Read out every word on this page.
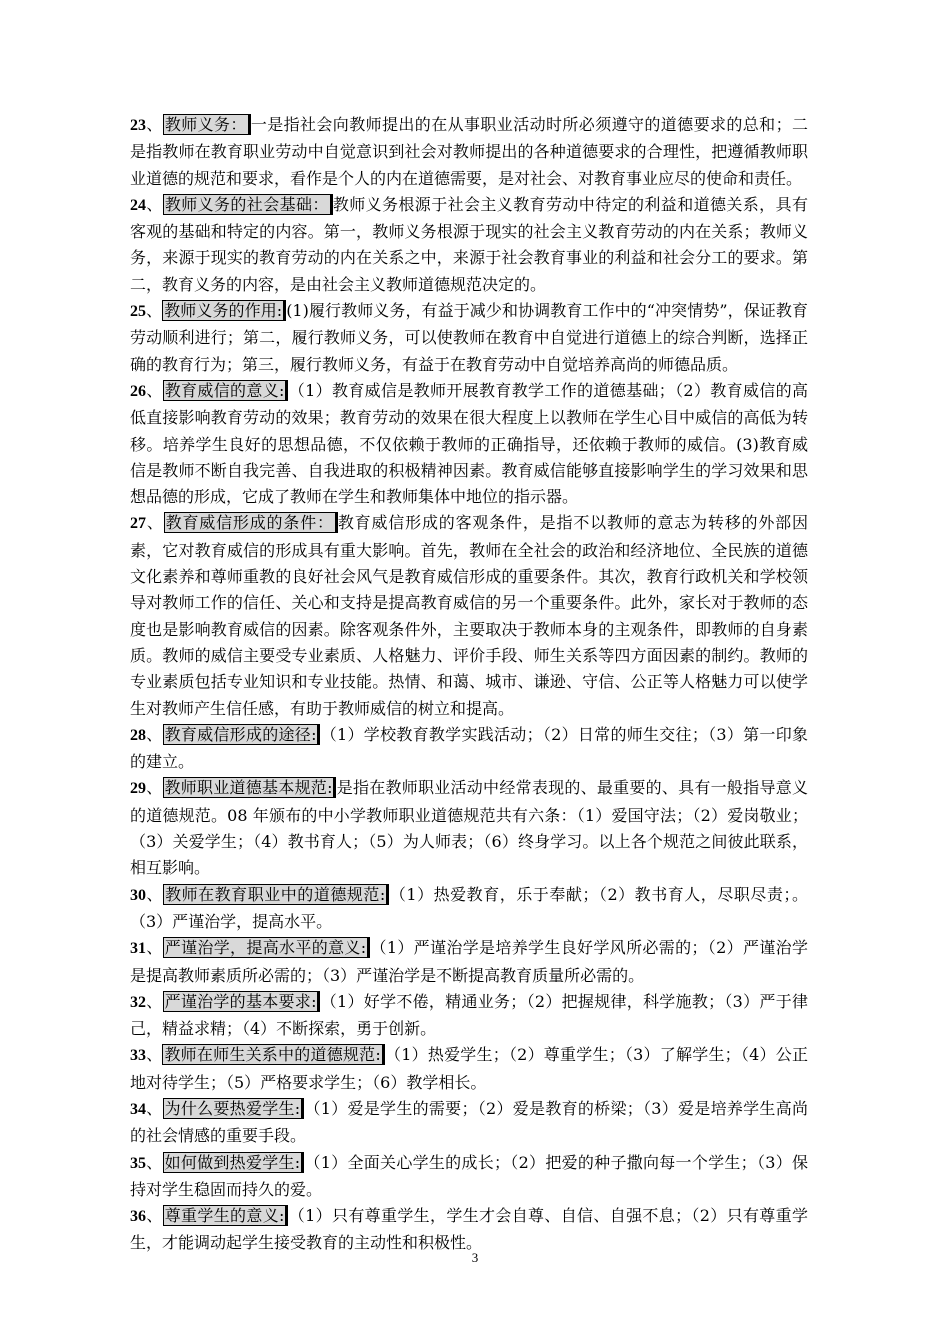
23、 教师义务： 一是指社会向教师提出的在从事职业活动时所必须遵守的道德要求的总和；二是指教师在教育职业劳动中自觉意识到社会对教师提出的各种道德要求的合理性，把遵循教师职业道德的规范和要求，看作是个人的内在道德需要，是对社会、对教育事业应尽的使命和责任。

24、 教师义务的社会基础： 教师义务根源于社会主义教育劳动中待定的利益和道德关系，具有客观的基础和特定的内容。第一，教师义务根源于现实的社会主义教育劳动的内在关系；教师义务，来源于现实的教育劳动的内在关系之中，来源于社会教育事业的利益和社会分工的要求。第二，教育义务的内容，是由社会主义教师道德规范决定的。

25、 教师义务的作用: (1)履行教师义务，有益于减少和协调教育工作中的“冲突情势”，保证教育劳动顺利进行；第二，履行教师义务，可以使教师在教育中自觉进行道德上的综合判断，选择正确的教育行为；第三，履行教师义务，有益于在教育劳动中自觉培养高尚的师德品质。

26、 教育威信的意义: （1）教育威信是教师开展教育教学工作的道德基础；（2）教育威信的高低直接影响教育劳动的效果；教育劳动的效果在很大程度上以教师在学生心目中威信的高低为转移。培养学生良好的思想品德，不仅依赖于教师的正确指导，还依赖于教师的威信。(3)教育威信是教师不断自我完善、自我进取的积极精神因素。教育威信能够直接影响学生的学习效果和思想品德的形成，它成了教师在学生和教师集体中地位的指示器。

27、 教育威信形成的条件： 教育威信形成的客观条件，是指不以教师的意志为转移的外部因素，它对教育威信的形成具有重大影响。首先，教师在全社会的政治和经济地位、全民族的道德文化素养和尊师重教的良好社会风气是教育威信形成的重要条件。其次，教育行政机关和学校领导对教师工作的信任、关心和支持是提高教育威信的另一个重要条件。此外，家长对于教师的态度也是影响教育威信的因素。除客观条件外，主要取决于教师本身的主观条件，即教师的自身素质。教师的威信主要受专业素质、人格魅力、评价手段、师生关系等四方面因素的制约。教师的专业素质包括专业知识和专业技能。热情、和蔼、城市、谦逊、守信、公正等人格魅力可以使学生对教师产生信任感，有助于教师威信的树立和提高。

28、 教育威信形成的途径: （1）学校教育教学实践活动；（2）日常的师生交往；（3）第一印象的建立。

29、 教师职业道德基本规范: 是指在教师职业活动中经常表现的、最重要的、具有一般指导意义的道德规范。08 年颁布的中小学教师职业道德规范共有六条：（1）爱国守法；（2）爱岗敬业；（3）关爱学生；（4）教书育人；（5）为人师表；（6）终身学习。以上各个规范之间彼此联系，相互影响。

30、 教师在教育职业中的道德规范: （1）热爱教育，乐于奉献；（2）教书育人，尽职尽责；。（3）严谨治学，提高水平。

31、 严谨治学，提高水平的意义: （1）严谨治学是培养学生良好学风所必需的；（2）严谨治学是提高教师素质所必需的；（3）严谨治学是不断提高教育质量所必需的。

32、 严谨治学的基本要求: （1）好学不倦，精通业务；（2）把握规律，科学施教；（3）严于律己，精益求精；（4）不断探索，勇于创新。

33、 教师在师生关系中的道德规范: （1）热爱学生；（2）尊重学生；（3）了解学生；（4）公正地对待学生；（5）严格要求学生；（6）教学相长。

34、 为什么要热爱学生: （1）爱是学生的需要；（2）爱是教育的桥梁；（3）爱是培养学生高尚的社会情感的重要手段。

35、 如何做到热爱学生: （1）全面关心学生的成长；（2）把爱的种子撒向每一个学生；（3）保持对学生稳固而持久的爱。

36、 尊重学生的意义: （1）只有尊重学生，学生才会自尊、自信、自强不息；（2）只有尊重学生，才能调动起学生接受教育的主动性和积极性。

3
